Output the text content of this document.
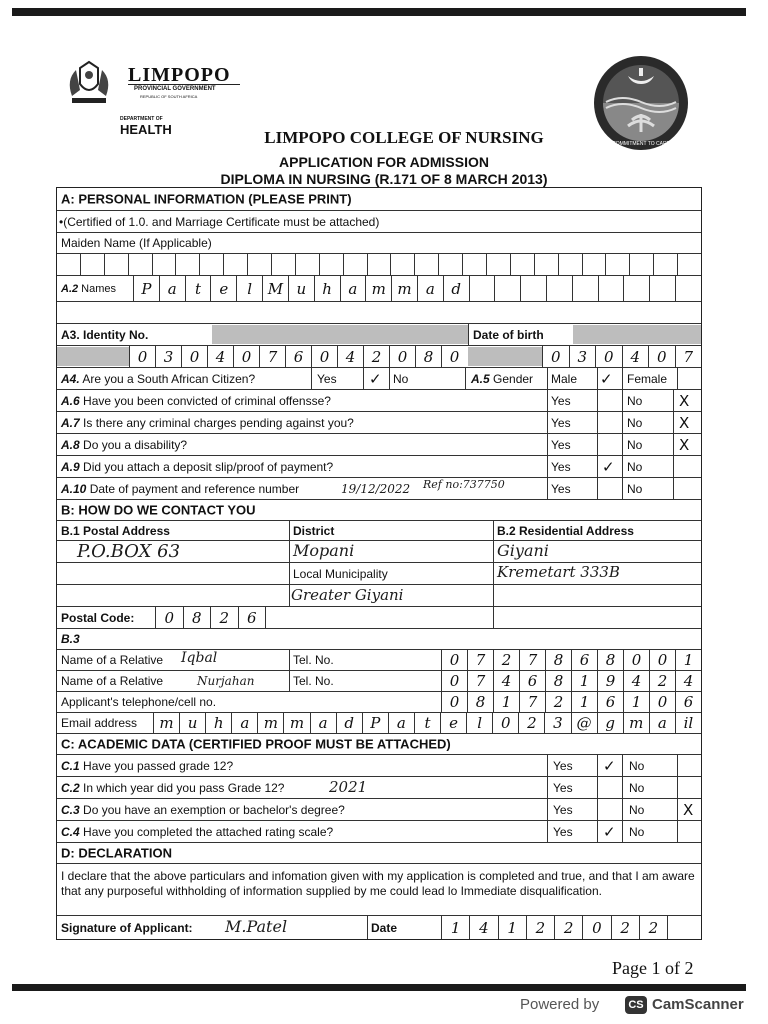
LIMPOPO
PROVINCIAL GOVERNMENT
REPUBLIC OF SOUTH AFRICA
DEPARTMENT OF
HEALTH
COMMITMENT TO CARE
LIMPOPO COLLEGE OF NURSING
APPLICATION FOR ADMISSION
DIPLOMA IN NURSING (R.171 OF 8 MARCH 2013)
A: PERSONAL INFORMATION (PLEASE PRINT)
•(Certified of 1.0. and Marriage Certificate must be attached)
Maiden Name (If Applicable)
A.2 Names	P	a	t	e	l	M u	h	a m m a	d
A3. Identity No.	Date of birth
0	3	0	4	0	7	6	0	4	2	0	8	0	0	3	0	4	0	7
A4. Are you a South African Citizen?	Yes ✓ No	A.5 Gender Male ✓ Female
A.6 Have you been convicted of criminal offensse?	Yes	No X
A.7 Is there any criminal charges pending against you?	Yes	No X
A.8 Do you a disability?	Yes	No X
A.9 Did you attach a deposit slip/proof of payment?	Yes ✓ No
A.10 Date of payment and reference number	19/12/2022 Ref no:737750	Yes	No
B: HOW DO WE CONTACT YOU
B.1 Postal Address	District	B.2 Residential Address
P.O.BOX 63	Mopani	Giyani
Local Municipality	Kremetart 333B
Greater Giyani
Postal Code:	0	8	2	6
B.3
Name of a Relative Iqbal	Tel. No.	0	7	2	7	8	6	8	0	0	1
Name of a Relative	Nurjahan	Tel. No.	0	7	4	6	8	1	9	4	2	4
Applicant's telephone/cell no.	0	8	1	7	2	1	6	1	0	6
Email address	m u	h	a m m a	d	P	a	t	e	l	0	2	3 @ g m a	il
C: ACADEMIC DATA (CERTIFIED PROOF MUST BE ATTACHED)
C.1 Have you passed grade 12?	Yes ✓ No
C.2 In which year did you pass Grade 12?	2021	Yes	No
C.3 Do you have an exemption or bachelor's degree?	Yes	No	X
C.4 Have you completed the attached rating scale?	Yes ✓ No
D: DECLARATION
I declare that the above particulars and infomation given with my application is completed and true, and that I am aware that any purposeful withholding of information supplied by me could lead lo Immediate disqualification.
Signature of Applicant: M.Patel	Date	1	4	1	2	2	0	2	2
Page 1 of 2
Powered by	CS CamScanner
